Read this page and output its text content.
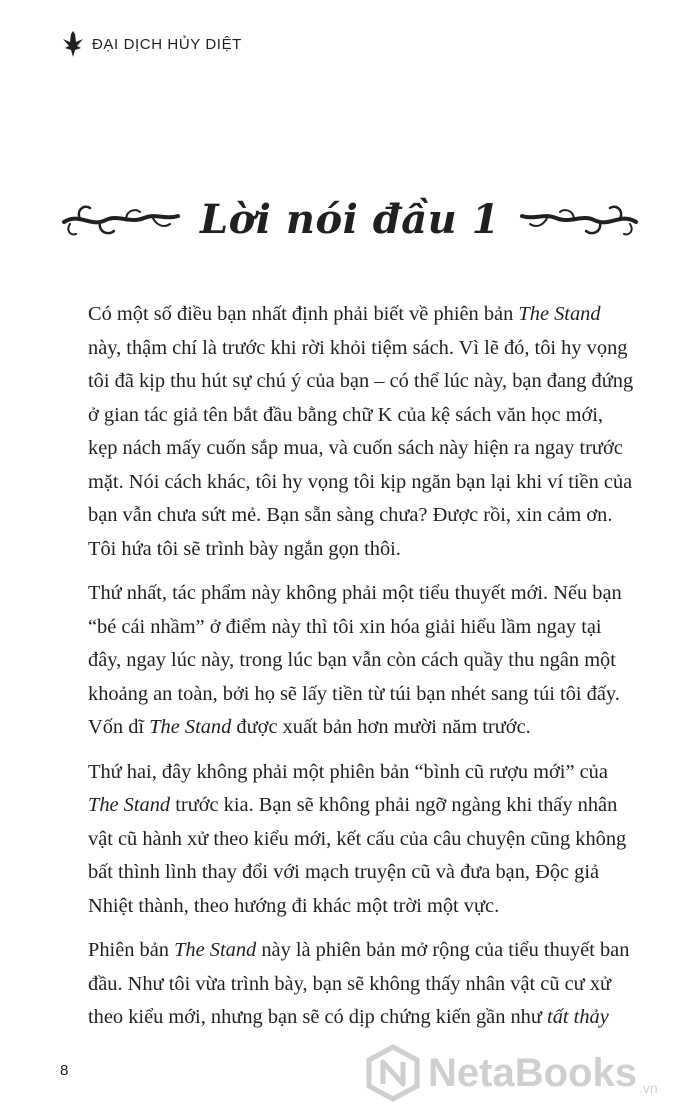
ĐẠI DỊCH HỦY DIỆT
Lời nói đầu 1

Có một số điều bạn nhất định phải biết về phiên bản The Stand này, thậm chí là trước khi rời khỏi tiệm sách. Vì lẽ đó, tôi hy vọng tôi đã kịp thu hút sự chú ý của bạn – có thể lúc này, bạn đang đứng ở gian tác giả tên bắt đầu bằng chữ K của kệ sách văn học mới, kẹp nách mấy cuốn sắp mua, và cuốn sách này hiện ra ngay trước mặt. Nói cách khác, tôi hy vọng tôi kịp ngăn bạn lại khi ví tiền của bạn vẫn chưa sứt mẻ. Bạn sẵn sàng chưa? Được rồi, xin cảm ơn. Tôi hứa tôi sẽ trình bày ngắn gọn thôi.

Thứ nhất, tác phẩm này không phải một tiểu thuyết mới. Nếu bạn “bé cái nhầm” ở điểm này thì tôi xin hóa giải hiểu lầm ngay tại đây, ngay lúc này, trong lúc bạn vẫn còn cách quầy thu ngân một khoảng an toàn, bởi họ sẽ lấy tiền từ túi bạn nhét sang túi tôi đấy. Vốn dĩ The Stand được xuất bản hơn mười năm trước.

Thứ hai, đây không phải một phiên bản “bình cũ rượu mới” của The Stand trước kia. Bạn sẽ không phải ngỡ ngàng khi thấy nhân vật cũ hành xử theo kiểu mới, kết cấu của câu chuyện cũng không bất thình lình thay đổi với mạch truyện cũ và đưa bạn, Độc giả Nhiệt thành, theo hướng đi khác một trời một vực.

Phiên bản The Stand này là phiên bản mở rộng của tiểu thuyết ban đầu. Như tôi vừa trình bày, bạn sẽ không thấy nhân vật cũ cư xử theo kiểu mới, nhưng bạn sẽ có dịp chứng kiến gần như tất thảy

8	NetaBooks .vn
